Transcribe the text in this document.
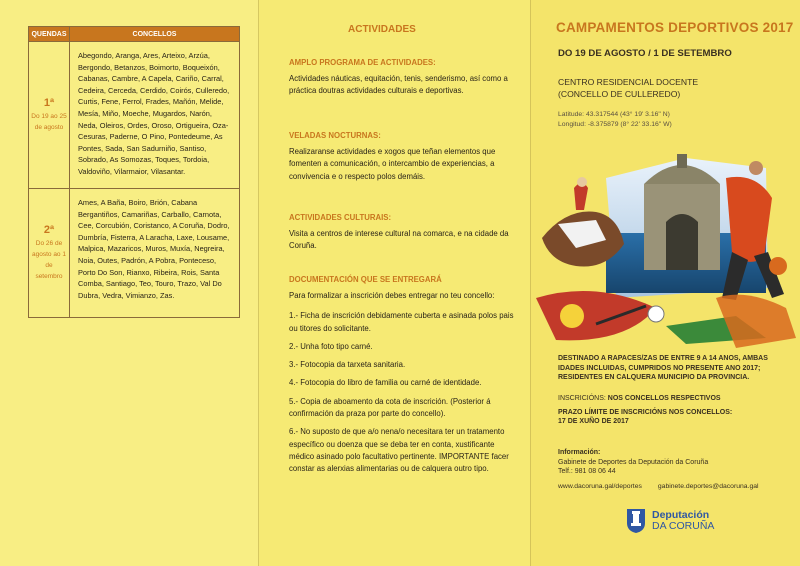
QUENDAS	CONCELLOS
1ª
Do 19 ao 25 de agosto
Abegondo, Aranga, Ares, Arteixo, Arzúa, Bergondo, Betanzos, Boimorto, Boqueixón, Cabanas, Cambre, A Capela, Cariño, Carral, Cedeira, Cerceda, Cerdido, Coirós, Culleredo, Curtis, Fene, Ferrol, Frades, Mañón, Melide, Mesía, Miño, Moeche, Mugardos, Narón, Neda, Oleiros, Ordes, Oroso, Ortigueira, Oza-Cesuras, Paderne, O Pino, Pontedeume, As Pontes, Sada, San Sadurniño, Santiso, Sobrado, As Somozas, Toques, Tordoia, Valdoviño, Vilarmaior, Vilasantar.
2ª
Do 26 de agosto ao 1 de setembro
Ames, A Baña, Boiro, Brión, Cabana Bergantiños, Camariñas, Carballo, Carnota, Cee, Corcubión, Coristanco, A Coruña, Dodro, Dumbría, Fisterra, A Laracha, Laxe, Lousame, Malpica, Mazaricos, Muros, Muxía, Negreira, Noia, Outes, Padrón, A Pobra, Ponteceso, Porto Do Son, Rianxo, Ribeira, Rois, Santa Comba, Santiago, Teo, Touro, Trazo, Val Do Dubra, Vedra, Vimianzo, Zas.
ACTIVIDADES

AMPLO PROGRAMA DE ACTIVIDADES:

Actividades náuticas, equitación, tenis, senderismo, así como a práctica doutras actividades culturais e deportivas.

VELADAS NOCTURNAS:

Realizaranse actividades e xogos que teñan elementos que fomenten a comunicación, o intercambio de experiencias, a convivencia e o respecto polos demáis.

ACTIVIDADES CULTURAIS:

Visita a centros de interese cultural na comarca, e na cidade da Coruña.

DOCUMENTACIÓN QUE SE ENTREGARÁ

Para formalizar a inscrición debes entregar no teu concello:

1.- Ficha de inscrición debidamente cuberta e asinada polos pais ou titores do solicitante.

2.- Unha foto tipo carné.

3.- Fotocopia da tarxeta sanitaria.

4.- Fotocopia do libro de familia ou carné de identidade.

5.- Copia de aboamento da cota de inscrición. (Posterior á confirmación da praza por parte do concello).

6.- No suposto de que a/o nena/o necesitara ter un tratamento específico ou doenza que se deba ter en conta, xustificante médico asinado polo facultativo pertinente. IMPORTANTE facer constar as alerxias alimentarias ou de calquera outro tipo.

CAMPAMENTOS DEPORTIVOS 2017
DO 19 DE AGOSTO / 1 DE SETEMBRO
CENTRO RESIDENCIAL DOCENTE
(CONCELLO DE CULLEREDO)
Latitude: 43.317544 (43° 19' 3.16" N)
Longitud: -8.375879 (8° 22' 33.16" W)
DESTINADO A RAPACES/ZAS DE ENTRE 9 A 14 ANOS, AMBAS IDADES INCLUIDAS, CUMPRIDOS NO PRESENTE ANO 2017; RESIDENTES EN CALQUERA MUNICIPIO DA PROVINCIA.
INSCRICIÓNS: NOS CONCELLOS RESPECTIVOS
PRAZO LÍMITE DE INSCRICIÓNS NOS CONCELLOS:
17 DE XUÑO DE 2017
Información:
Gabinete de Deportes da Deputación da Coruña
Telf.: 981 08 06 44
www.dacoruna.gal/deportes gabinete.deportes@dacoruna.gal
Deputación
DA CORUÑA
